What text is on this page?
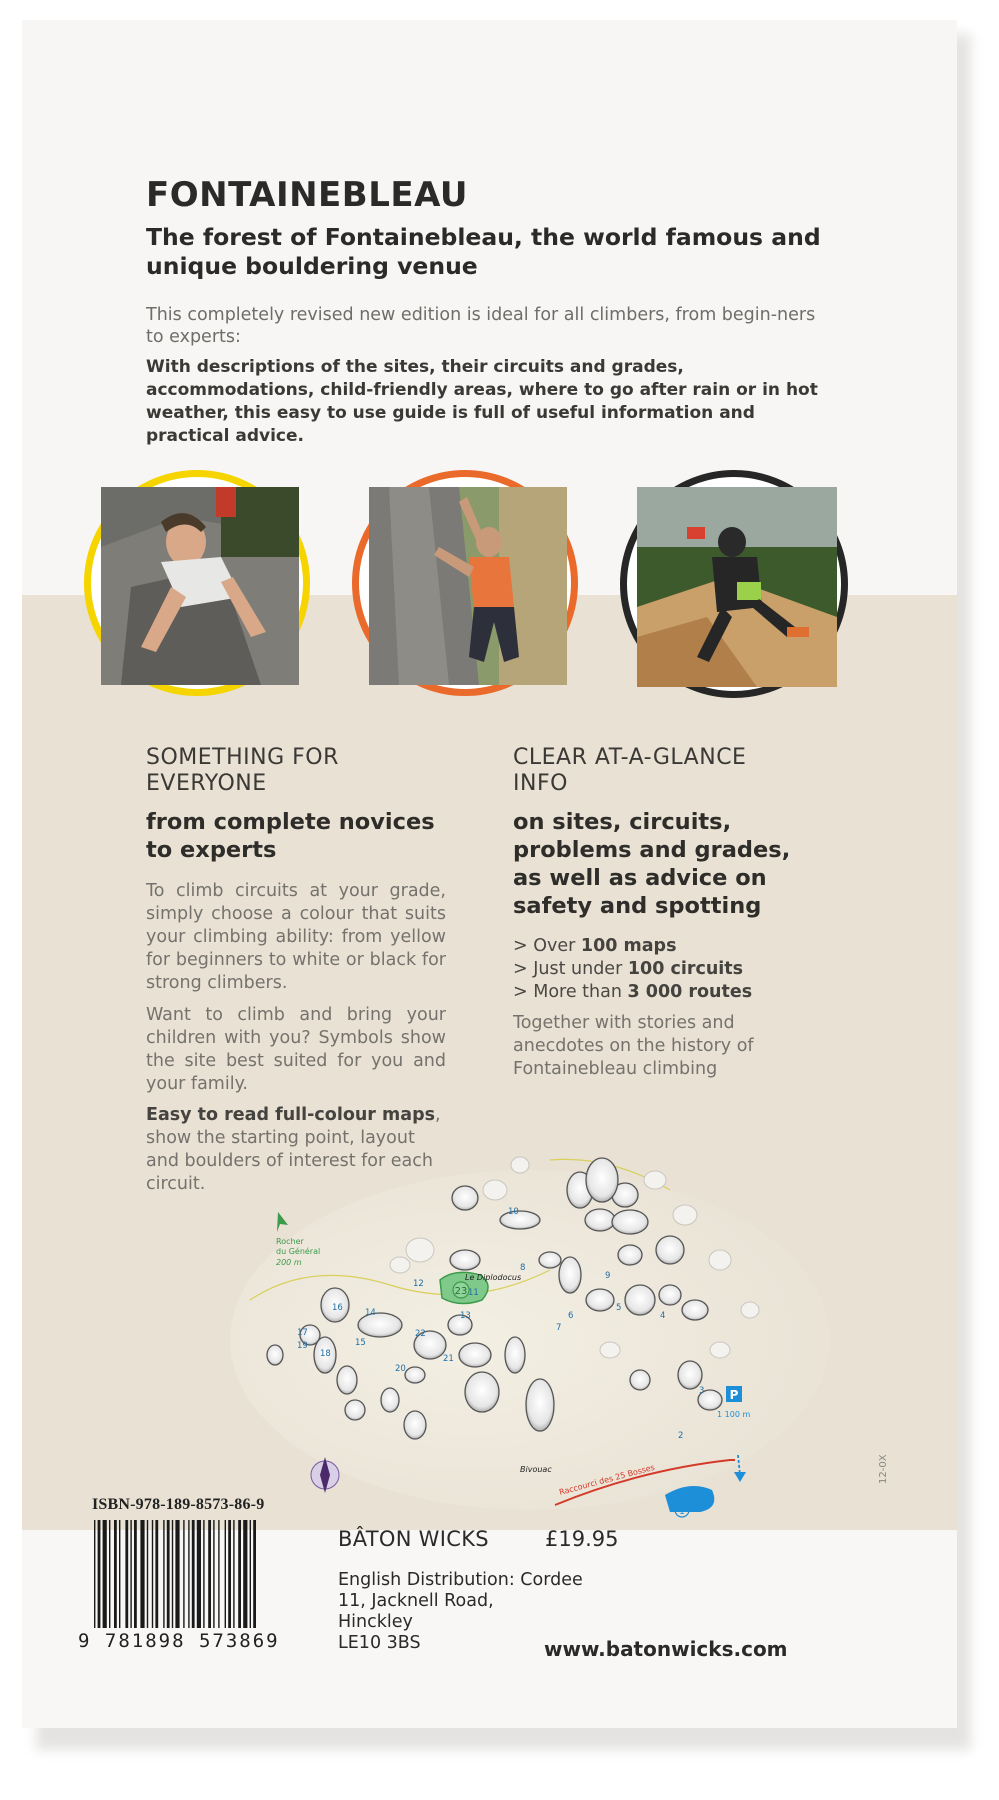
FONTAINEBLEAU
The forest of Fontainebleau, the world famous and unique bouldering venue
This completely revised new edition is ideal for all climbers, from begin-ners to experts:
With descriptions of the sites, their circuits and grades, accommodations, child-friendly areas, where to go after rain or in hot weather, this easy to use guide is full of useful information and practical advice.
SOMETHING FOR EVERYONE
from complete novices to experts
To climb circuits at your grade, simply choose a colour that suits your climbing ability: from yellow for beginners to white or black for strong climbers.
Want to climb and bring your children with you? Symbols show the site best suited for you and your family.
Easy to read full-colour maps, show the starting point, layout and boulders of interest for each circuit.
CLEAR AT-A-GLANCE INFO
on sites, circuits, problems and grades, as well as advice on safety and spotting
> Over 100 maps
> Just under 100 circuits
> More than 3 000 routes
Together with stories and anecdotes on the history of Fontainebleau climbing
23
Rocher
du Général
200 m
Le Diplodocus
Bivouac Raccourci des 25 Bosses
P
1 100 m
1
2
3
4
5
6
7
8
9
10
11
12
13
14
15
16
17
18
19
20
21
22
ISBN-978-189-8573-86-9
9 781898 573869
BÂTON WICKS	£19.95
English Distribution: Cordee
11, Jacknell Road,
Hinckley
LE10 3BS	www.batonwicks.com
12-0X
